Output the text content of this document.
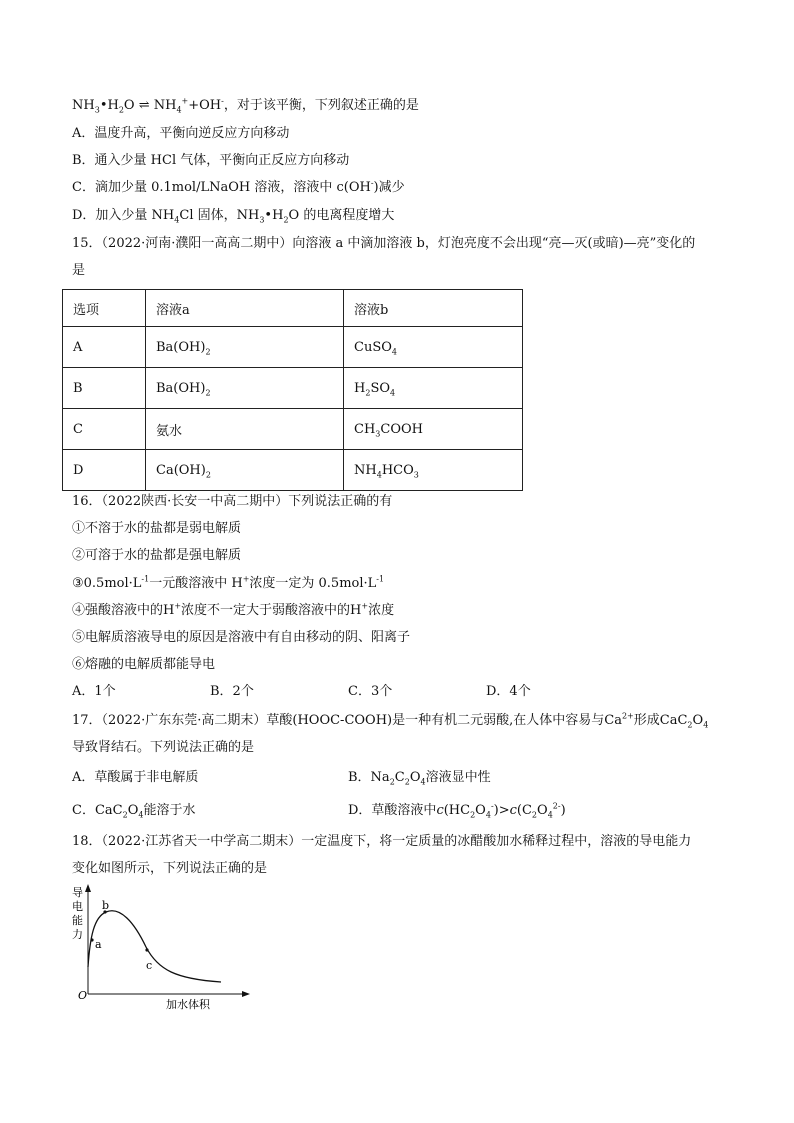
$NH_3•H_2O$ ⇌ $NH_4^++OH^-$，对于该平衡，下列叙述正确的是
A．温度升高，平衡向逆反应方向移动
B．通入少量 HCl 气体，平衡向正反应方向移动
C．滴加少量 0.1mol/LNaOH 溶液，溶液中 c(OH-)减少
D．加入少量 $NH_4Cl$ 固体，$NH_3•H_2O$ 的电离程度增大
15．（2022·河南·濮阳一高高二期中）向溶液 a 中滴加溶液 b，灯泡亮度不会出现“亮—灭(或暗)—亮”变化的
是
选项	溶液a	溶液b
A	$Ba(OH)_2$	CuSO$_4$
B	$Ba(OH)_2$	$H_2SO_4$
C	氨水	$CH_3COOH$
D	$Ca(OH)_2$	$NH_4HCO_3$
16．（2022陕西·长安一中高二期中）下列说法正确的有
①不溶于水的盐都是弱电解质
②可溶于水的盐都是强电解质
$③0.5mol\cdot L^{-1}$一元酸溶液中 H+浓度一定为 $0.5mol\cdot L^{-1}$
④强酸溶液中的H+浓度不一定大于弱酸溶液中的H+浓度
⑤电解质溶液导电的原因是溶液中有自由移动的阴、阳离子
⑥熔融的电解质都能导电
A．1个	B．2个	C．3个	D．4个
17．（2022·广东东莞·高二期末）草酸(HOOC-COOH)是一种有机二元弱酸,在人体中容易与$Ca^{2+}$形成$CaC_2O_4$
导致肾结石。下列说法正确的是
A．草酸属于非电解质	B．$Na_2C_2O_4$溶液显中性
C．$CaC_2O_4$能溶于水	D．草酸溶液中$c(HC_2O_4^-)>c(C_2O_4^{2-})$
18．（2022·江苏省天一中学高二期末）一定温度下，将一定质量的冰醋酸加水稀释过程中，溶液的导电能力
变化如图所示，下列说法正确的是
导
电
能
力
O
加水体积
a
b
c
